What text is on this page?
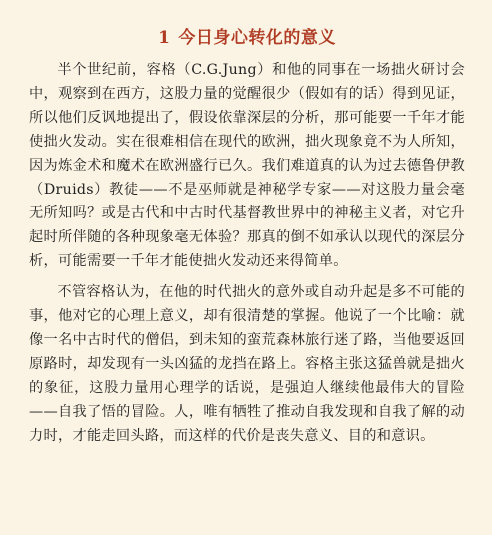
1 今日身心转化的意义

半个世纪前，容格（C.G.Jung）和他的同事在一场拙火研讨会中，观察到在西方，这股力量的觉醒很少（假如有的话）得到见证， 所以他们反讽地提出了，假设依靠深层的分析，那可能要一千年才能使拙火发动。实在很难相信在现代的欧洲，拙火现象竟不为人所知，因为炼金术和魔术在欧洲盛行已久。我们难道真的认为过去德鲁伊教（Druids）教徒——不是巫师就是神秘学专家——对这股力量会毫无所知吗？或是古代和中古时代基督教世界中的神秘主义者，对它升起时所伴随的各种现象毫无体验？那真的倒不如承认以现代的深层分析，可能需要一千年才能使拙火发动还来得简单。

不管容格认为，在他的时代拙火的意外或自动升起是多不可能的事，他对它的心理上意义，却有很清楚的掌握。他说了一个比喻：就像一名中古时代的僧侣，到未知的蛮荒森林旅行迷了路，当他要返回原路时，却发现有一头凶猛的龙挡在路上。容格主张这猛兽就是拙火的象征，这股力量用心理学的话说，是强迫人继续他最伟大的冒险——自我了悟的冒险。人，唯有牺牲了推动自我发现和自我了解的动力时，才能走回头路，而这样的代价是丧失意义、目的和意识。
